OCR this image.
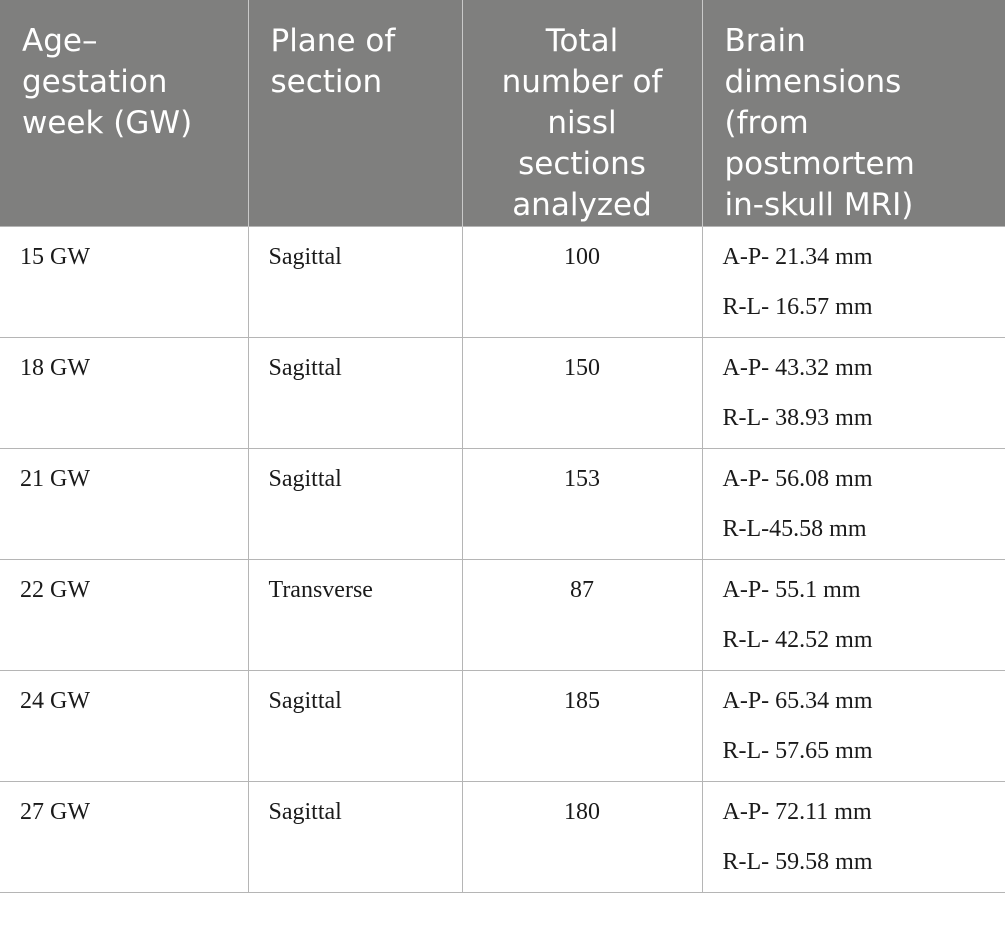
Age–
gestation
week (GW)	Plane of
section	Total
number of
nissl
sections
analyzed	Brain
dimensions
(from
postmortem
in-skull MRI)

15 GW	Sagittal	100	A-P- 21.34 mm
R-L- 16.57 mm

18 GW	Sagittal	150	A-P- 43.32 mm
R-L- 38.93 mm

21 GW	Sagittal	153	A-P- 56.08 mm
R-L-45.58 mm

22 GW	Transverse	87	A-P- 55.1 mm
R-L- 42.52 mm

24 GW	Sagittal	185	A-P- 65.34 mm
R-L- 57.65 mm

27 GW	Sagittal	180	A-P- 72.11 mm
R-L- 59.58 mm
